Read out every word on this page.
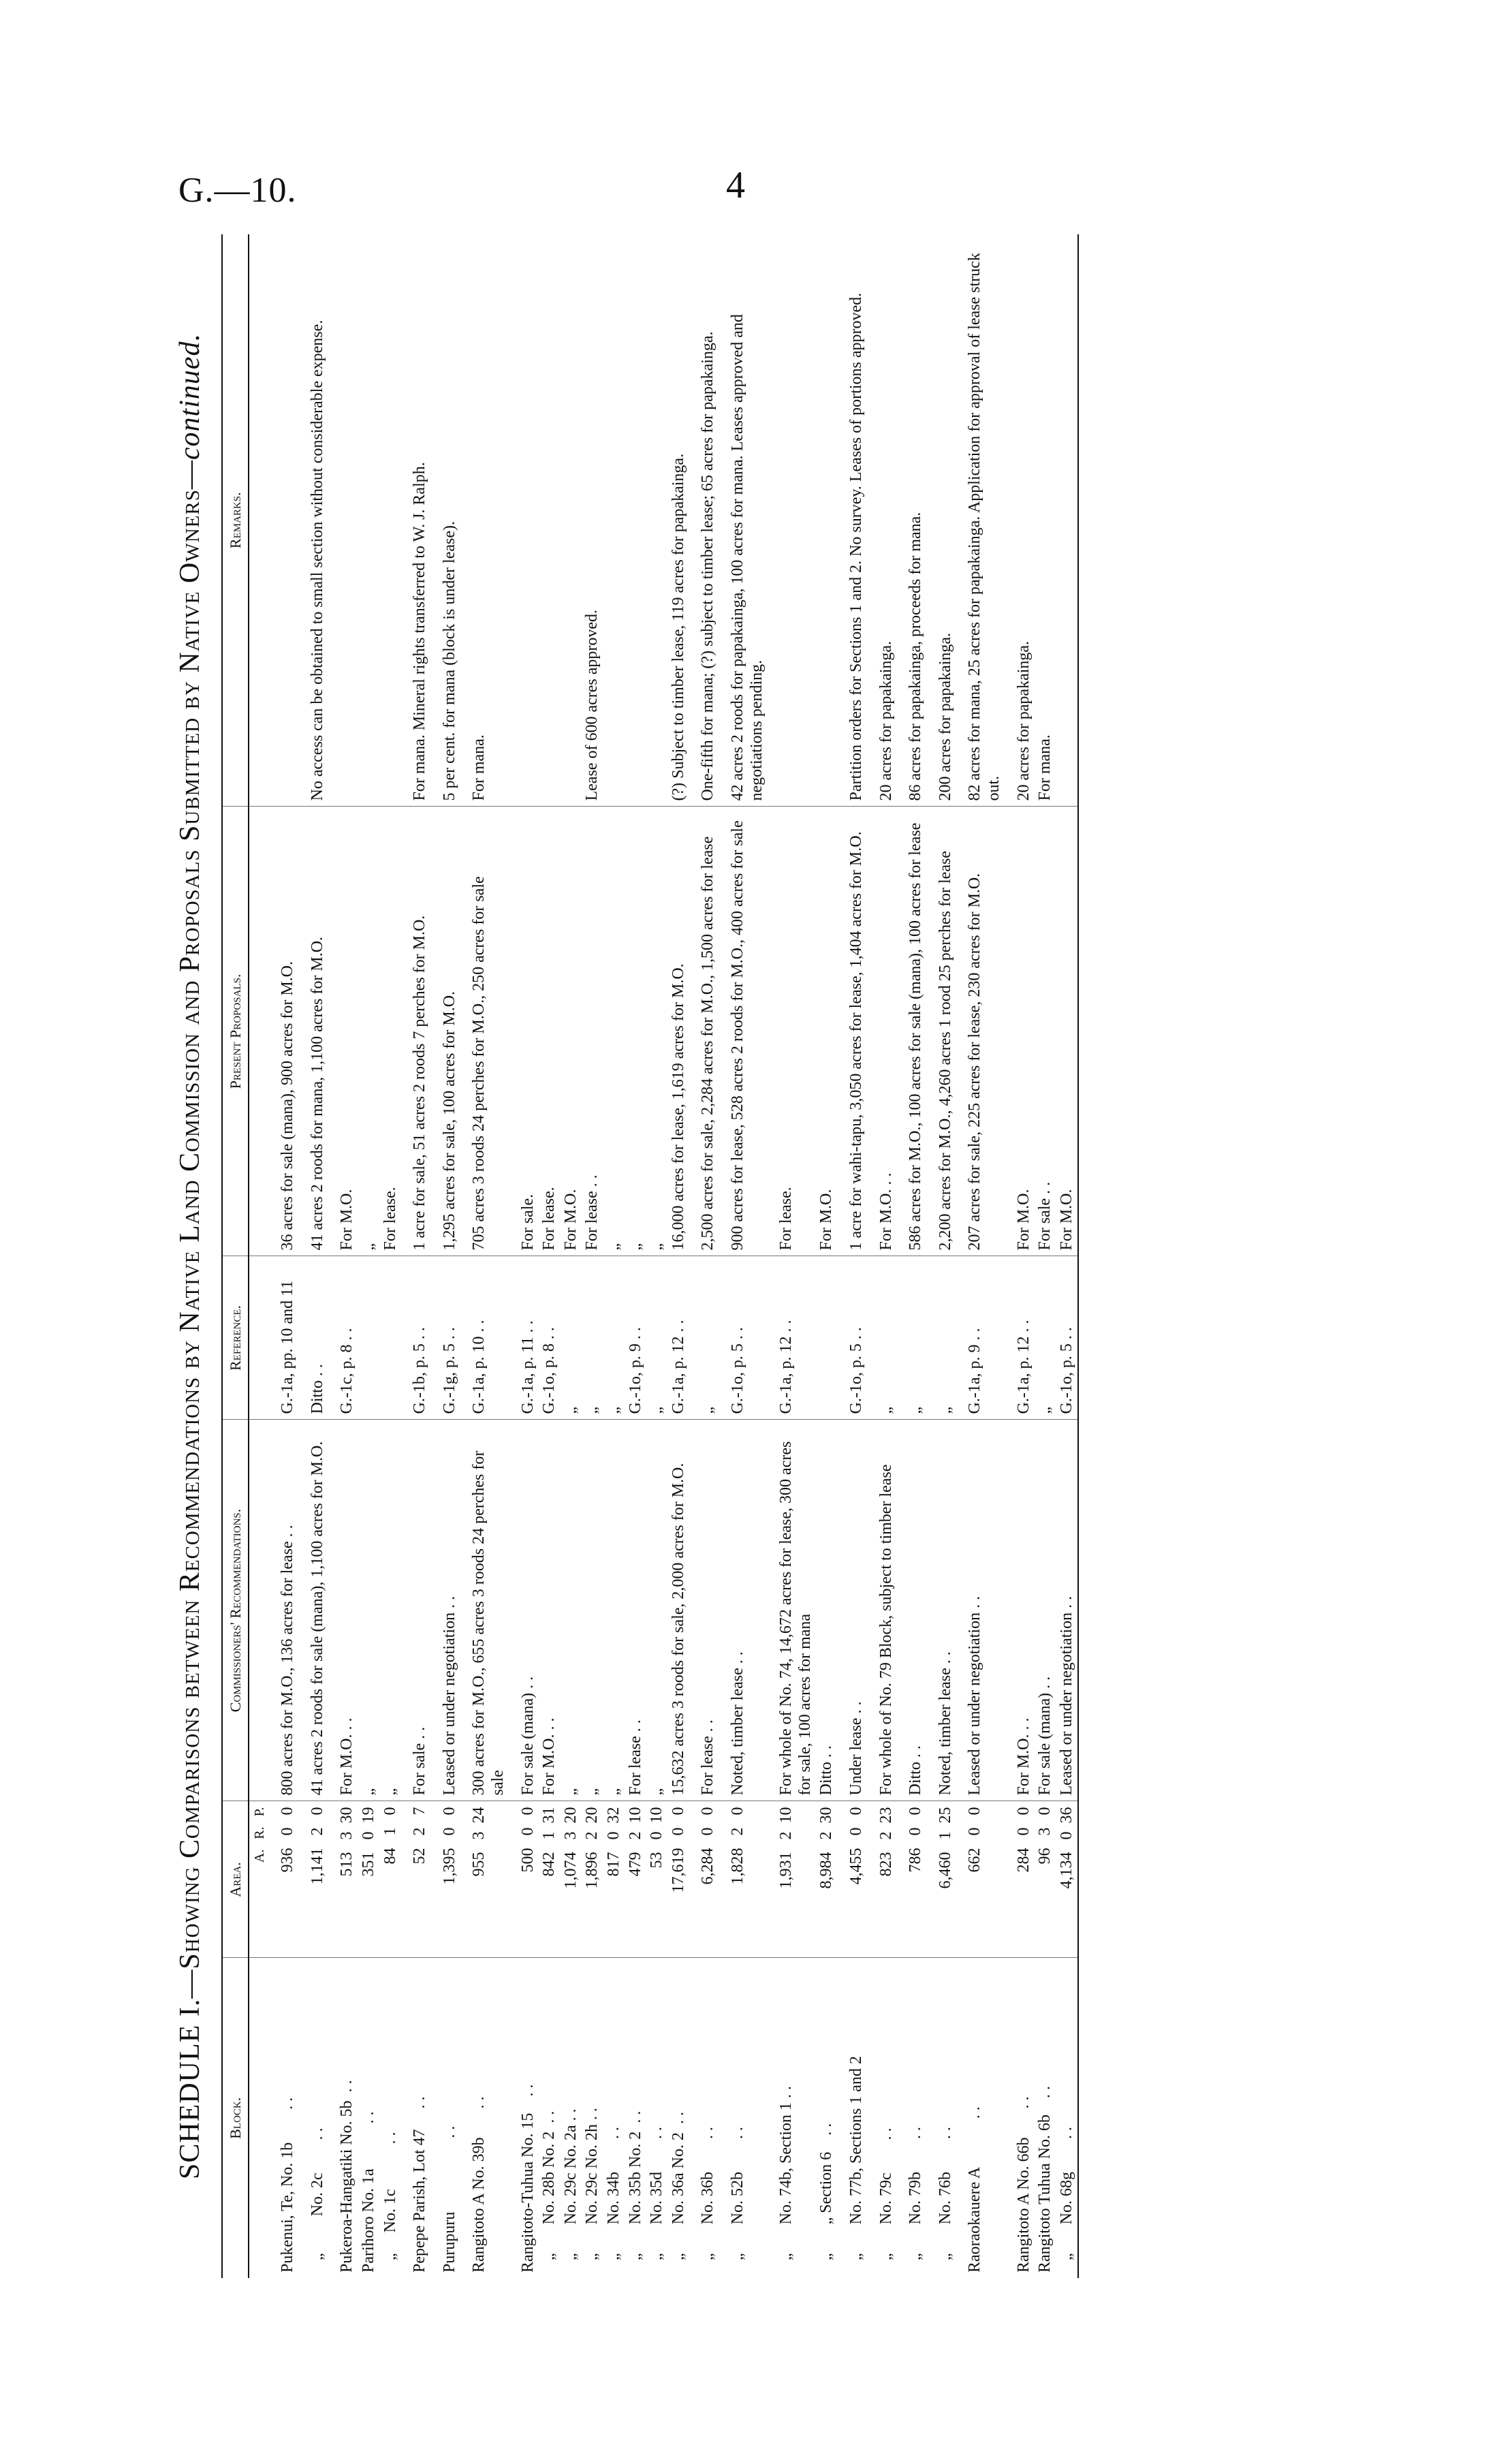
G.—10.	4
SCHEDULE I.—Showing Comparisons between Recommendations by Native Land Commission and Proposals Submitted by Native Owners—continued.
Block.	Area.	Commissioners' Recommendations.	Reference.	Present Proposals.	Remarks.
	A.   R.   P.				
Pukenui, Te, No. 1b        . .	936   0   0	800 acres for M.O., 136 acres for lease . .	G.-1a, pp. 10 and 11	36 acres for sale (mana), 900 acres for M.O.	
„         No. 2c        . .	1,141   2   0	41 acres 2 roods for sale (mana), 1,100 acres for M.O.	Ditto . .	41 acres 2 roods for mana, 1,100 acres for M.O.	No access can be obtained to small section without considerable expense.
Pukeroa-Hangatiki No. 5b  . .	513   3  30	For M.O. . .	G.-1c, p. 8 . .	For M.O.	
Parihoro No. 1a           . .	351   0  19	„		„	
„     No. 1c           . .	84   1   0	„		For lease.	
Pepepe Parish, Lot 47     . .	52   2   7	For sale . .	G.-1b, p. 5 . .	1 acre for sale, 51 acres 2 roods 7 perches for M.O.	For mana. Mineral rights transferred to W. J. Ralph.
Purupuru                  . .	1,395   0   0	Leased or under negotiation . .	G.-1g, p. 5 . .	1,295 acres for sale, 100 acres for M.O.	5 per cent. for mana (block is under lease).
Rangitoto A No. 39b       . .	955   3  24	300 acres for M.O., 655 acres 3 roods 24 perches for sale	G.-1a, p. 10 . .	705 acres 3 roods 24 perches for M.O., 250 acres for sale	For mana.
Rangitoto-Tuhua No. 15    . .	500   0   0	For sale (mana) . .	G.-1a, p. 11 . .	For sale.	
„       No. 28b No. 2  . .	842   1  31	For M.O. . .	G.-1o, p. 8 . .	For lease.	
„       No. 29c No. 2a . .	1,074   3  20	„	„	For M.O.	
„       No. 29c No. 2h . .	1,896   2  20	„	„	For lease . .	Lease of 600 acres approved.
„       No. 34b        . .	817   0  32	„	„	„	
„       No. 35b No. 2  . .	479   2  10	For lease . .	G.-1o, p. 9 . .	„	
„       No. 35d        . .	53   0  10	„	„	„	
„       No. 36a No. 2  . .	17,619   0   0	15,632 acres 3 roods for sale, 2,000 acres for M.O.	G.-1a, p. 12 . .	16,000 acres for lease, 1,619 acres for M.O.	(?) Subject to timber lease, 119 acres for papakainga.
„       No. 36b        . .	6,284   0   0	For lease . .	„	2,500 acres for sale, 2,284 acres for M.O., 1,500 acres for lease	One-fifth for mana; (?) subject to timber lease; 65 acres for papakainga.
„       No. 52b        . .	1,828   2   0	Noted, timber lease . .	G.-1o, p. 5 . .	900 acres for lease, 528 acres 2 roods for M.O., 400 acres for sale	42 acres 2 roods for papakainga, 100 acres for mana. Leases approved and negotiations pending.
„       No. 74b, Section 1 . .	1,931   2  10	For whole of No. 74, 14,672 acres for lease, 300 acres for sale, 100 acres for mana	G.-1a, p. 12 . .	For lease.	
„       „ Section 6    . .	8,984   2  30	Ditto . .		For M.O.	
„       No. 77b, Sections 1 and 2	4,455   0   0	Under lease . .	G.-1o, p. 5 . .	1 acre for wahi-tapu, 3,050 acres for lease, 1,404 acres for M.O.	Partition orders for Sections 1 and 2. No survey. Leases of portions approved.
„       No. 79c        . .	823   2  23	For whole of No. 79 Block, subject to timber lease	„	For M.O. . .	20 acres for papakainga.
„       No. 79b        . .	786   0   0	Ditto . .	„	586 acres for M.O., 100 acres for sale (mana), 100 acres for lease	86 acres for papakainga, proceeds for mana.
„       No. 76b        . .	6,460   1  25	Noted, timber lease . .	„	2,200 acres for M.O., 4,260 acres 1 rood 25 perches for lease	200 acres for papakainga.
Raoraokauere A            . .	662   0   0	Leased or under negotiation . .	G.-1a, p. 9 . .	207 acres for sale, 225 acres for lease, 230 acres for M.O.	82 acres for mana, 25 acres for papakainga. Application for approval of lease struck out.
Rangitoto A No. 66b       . .	284   0   0	For M.O. . .	G.-1a, p. 12 . .	For M.O.	20 acres for papakainga.
Rangitoto Tuhua No. 6b    . .	96   3   0	For sale (mana) . .	„	For sale . .	For mana.
„       No. 68g        . .	4,134   0  36	Leased or under negotiation . .	G.-1o, p. 5 . .	For M.O.	
